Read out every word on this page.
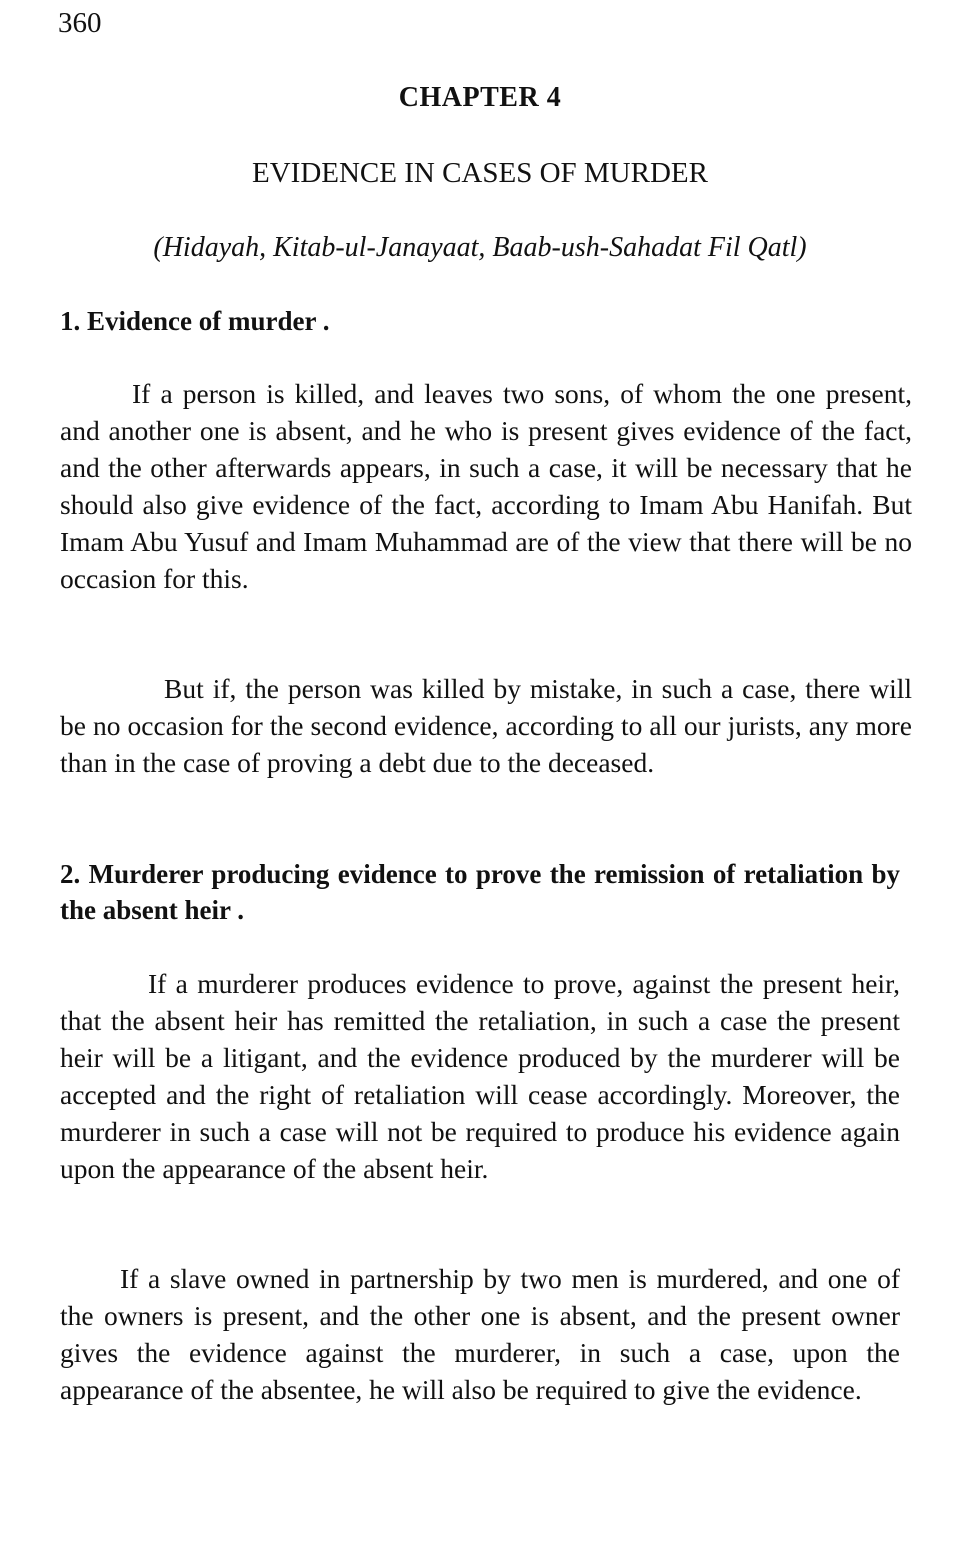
360
CHAPTER 4
EVIDENCE IN CASES OF MURDER
(Hidayah, Kitab-ul-Janayaat, Baab-ush-Sahadat Fil Qatl)
1. Evidence of murder .
If a person is killed, and leaves two sons, of whom the one present, and another one is absent, and he who is present gives evidence of the fact, and the other afterwards appears, in such a case, it will be necessary that he should also give evidence of the fact, according to Imam Abu Hanifah. But Imam Abu Yusuf and Imam Muhammad are of the view that there will be no occasion for this.
But if, the person was killed by mistake, in such a case, there will be no occasion for the second evidence, according to all our jurists, any more than in the case of proving a debt due to the deceased.
2. Murderer producing evidence to prove the remission of retaliation by the absent heir .
If a murderer produces evidence to prove, against the present heir, that the absent heir has remitted the retaliation, in such a case the present heir will be a litigant, and the evidence produced by the murderer will be accepted and the right of retaliation will cease accordingly. Moreover, the murderer in such a case will not be required to produce his evidence again upon the appearance of the absent heir.
If a slave owned in partnership by two men is murdered, and one of the owners is present, and the other one is absent, and the present owner gives the evidence against the murderer, in such a case, upon the appearance of the absentee, he will also be required to give the evidence.
